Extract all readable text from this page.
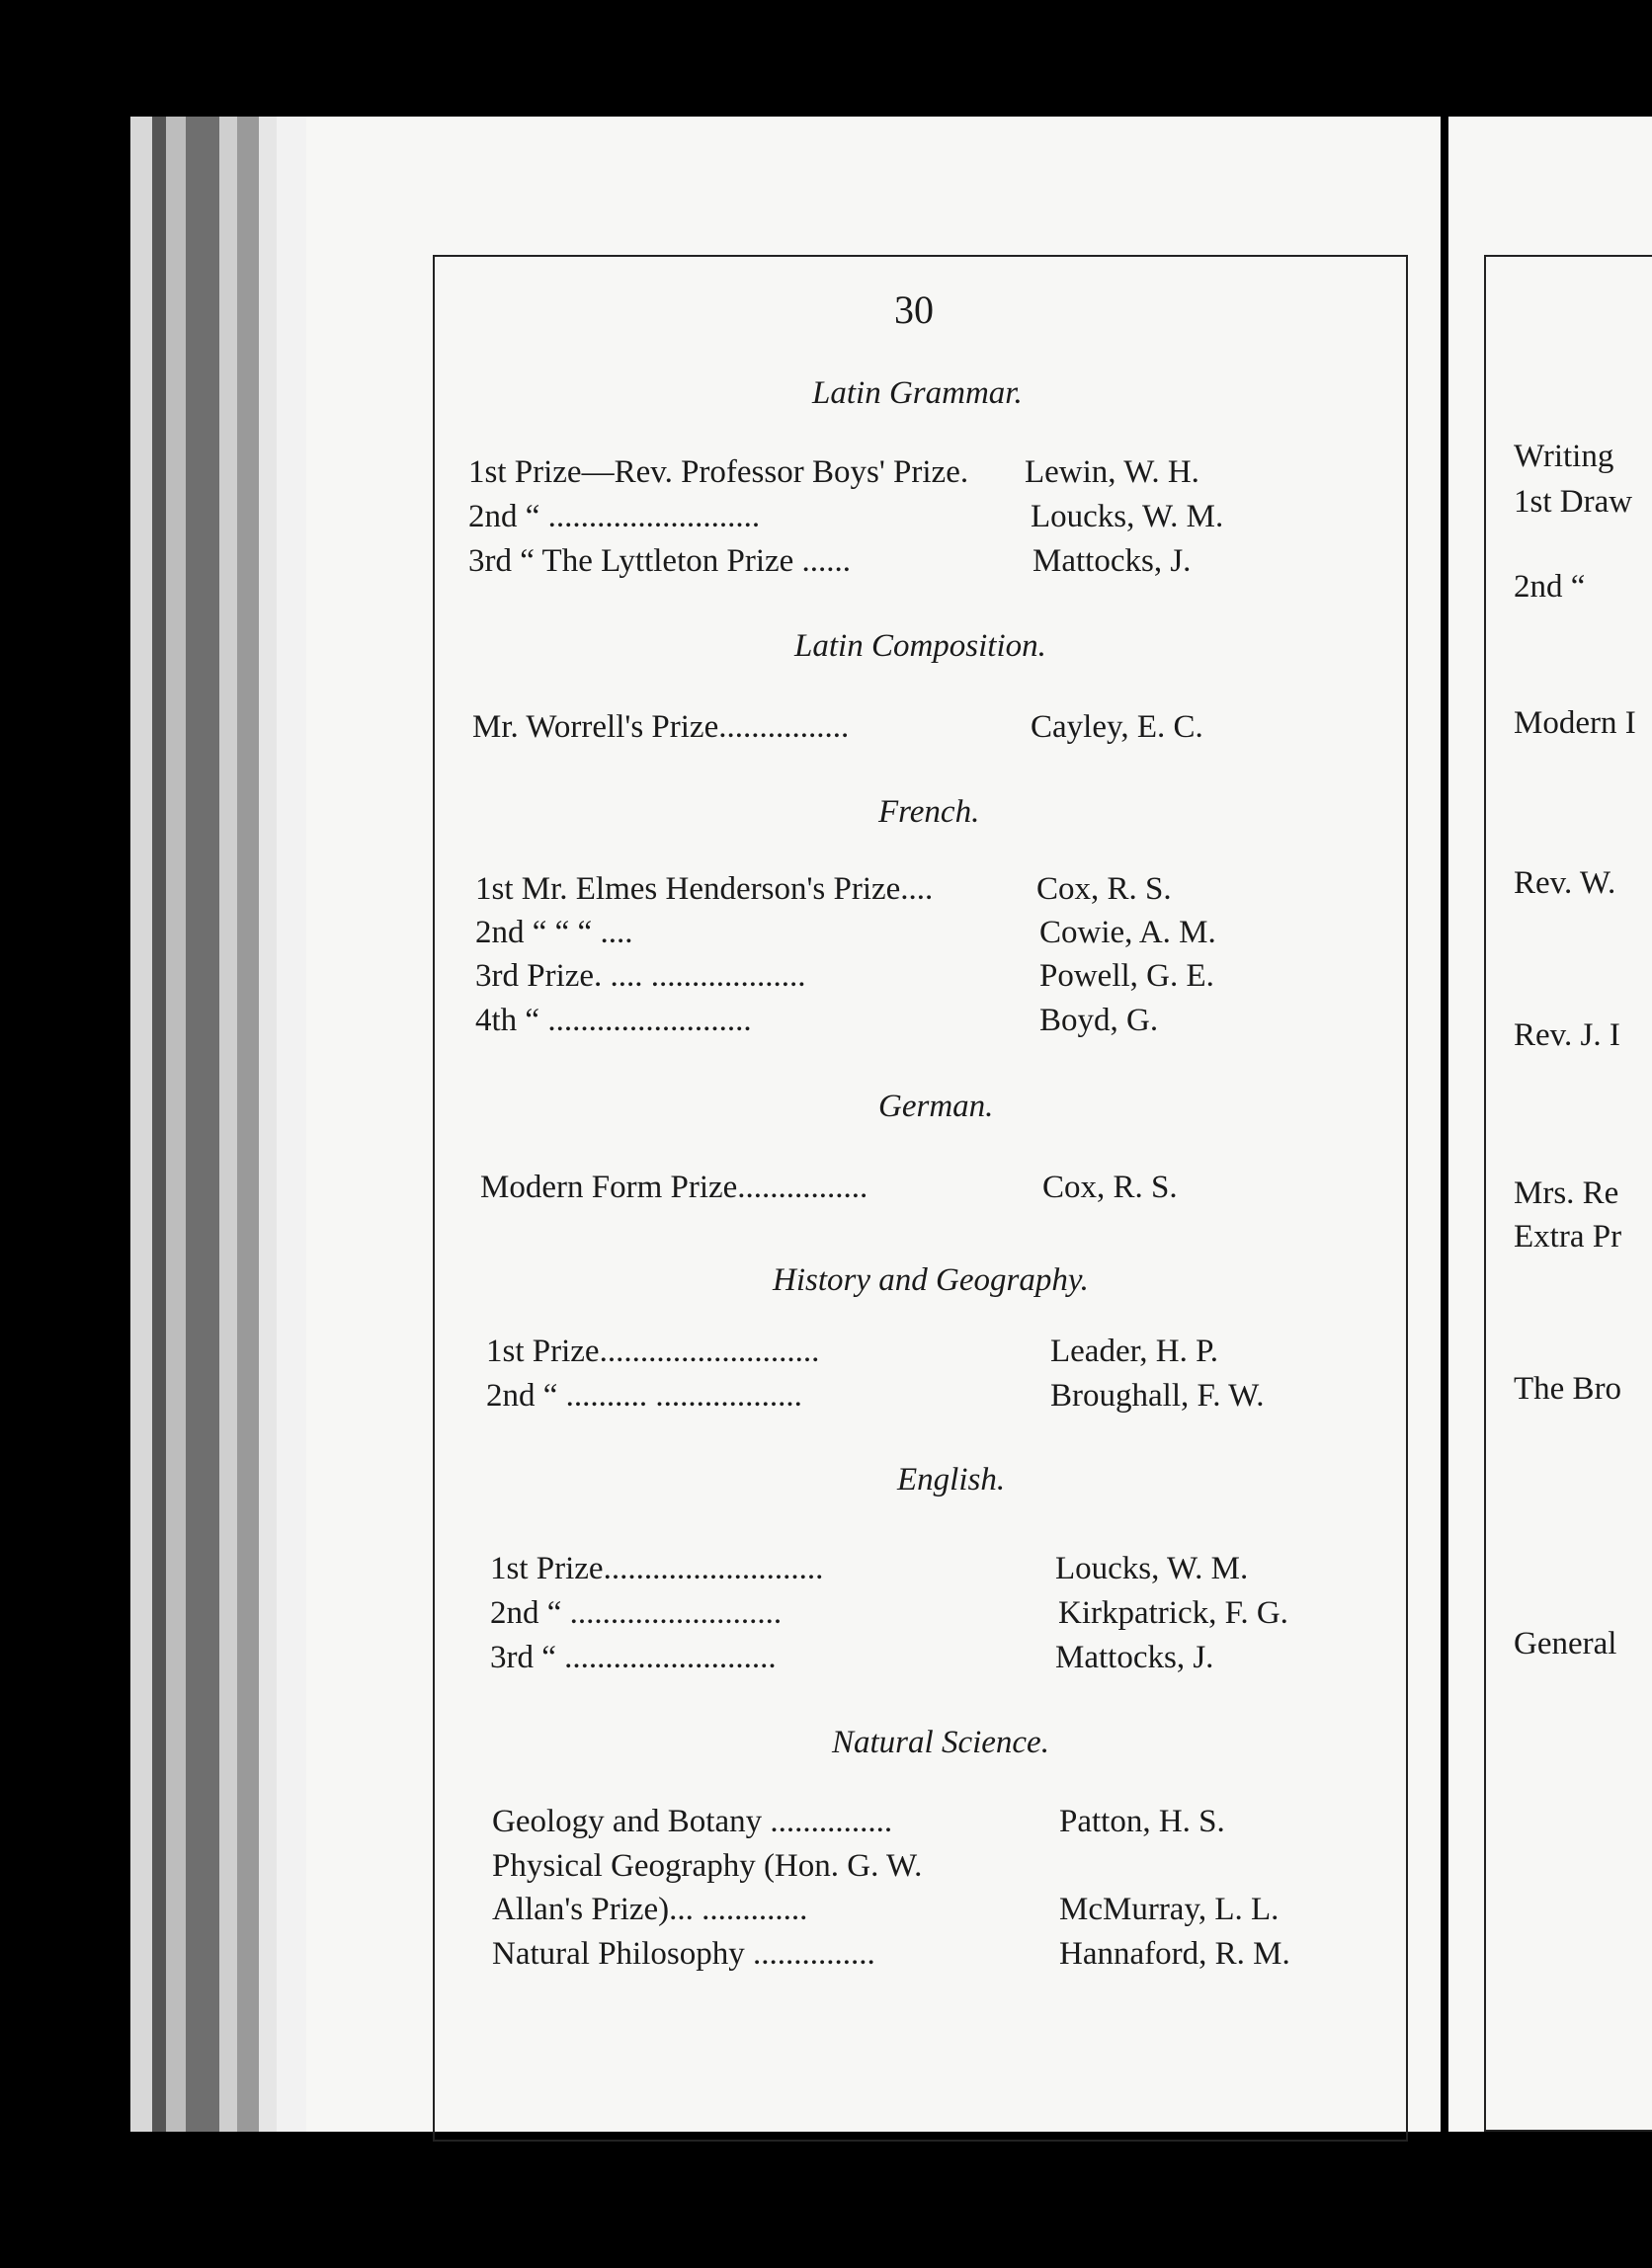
Writing
1st Draw
2nd “
Modern I
Rev. W.
Rev. J. I
Mrs. Re
Extra Pr
The Bro
General
30
Latin Grammar.
1st Prize—Rev. Professor Boys' Prize. Lewin, W. H.
2nd “ ..........................	Loucks, W. M.
3rd “ The Lyttleton Prize ......	Mattocks, J.
Latin Composition.
Mr. Worrell's Prize................	Cayley, E. C.
French.
1st Mr. Elmes Henderson's Prize....	Cox, R. S.
2nd “ “ “ ....	Cowie, A. M.
3rd Prize. .... ...................	Powell, G. E.
4th “ .........................	Boyd, G.
German.
Modern Form Prize................	Cox, R. S.
History and Geography.
1st Prize...........................	Leader, H. P.
2nd “ .......... ..................	Broughall, F. W.
English.
1st Prize...........................	Loucks, W. M.
2nd “ ..........................	Kirkpatrick, F. G.
3rd “ ..........................	Mattocks, J.
Natural Science.
Geology and Botany ...............	Patton, H. S.
Physical Geography (Hon. G. W.
Allan's Prize)... .............	McMurray, L. L.
Natural Philosophy ...............	Hannaford, R. M.
